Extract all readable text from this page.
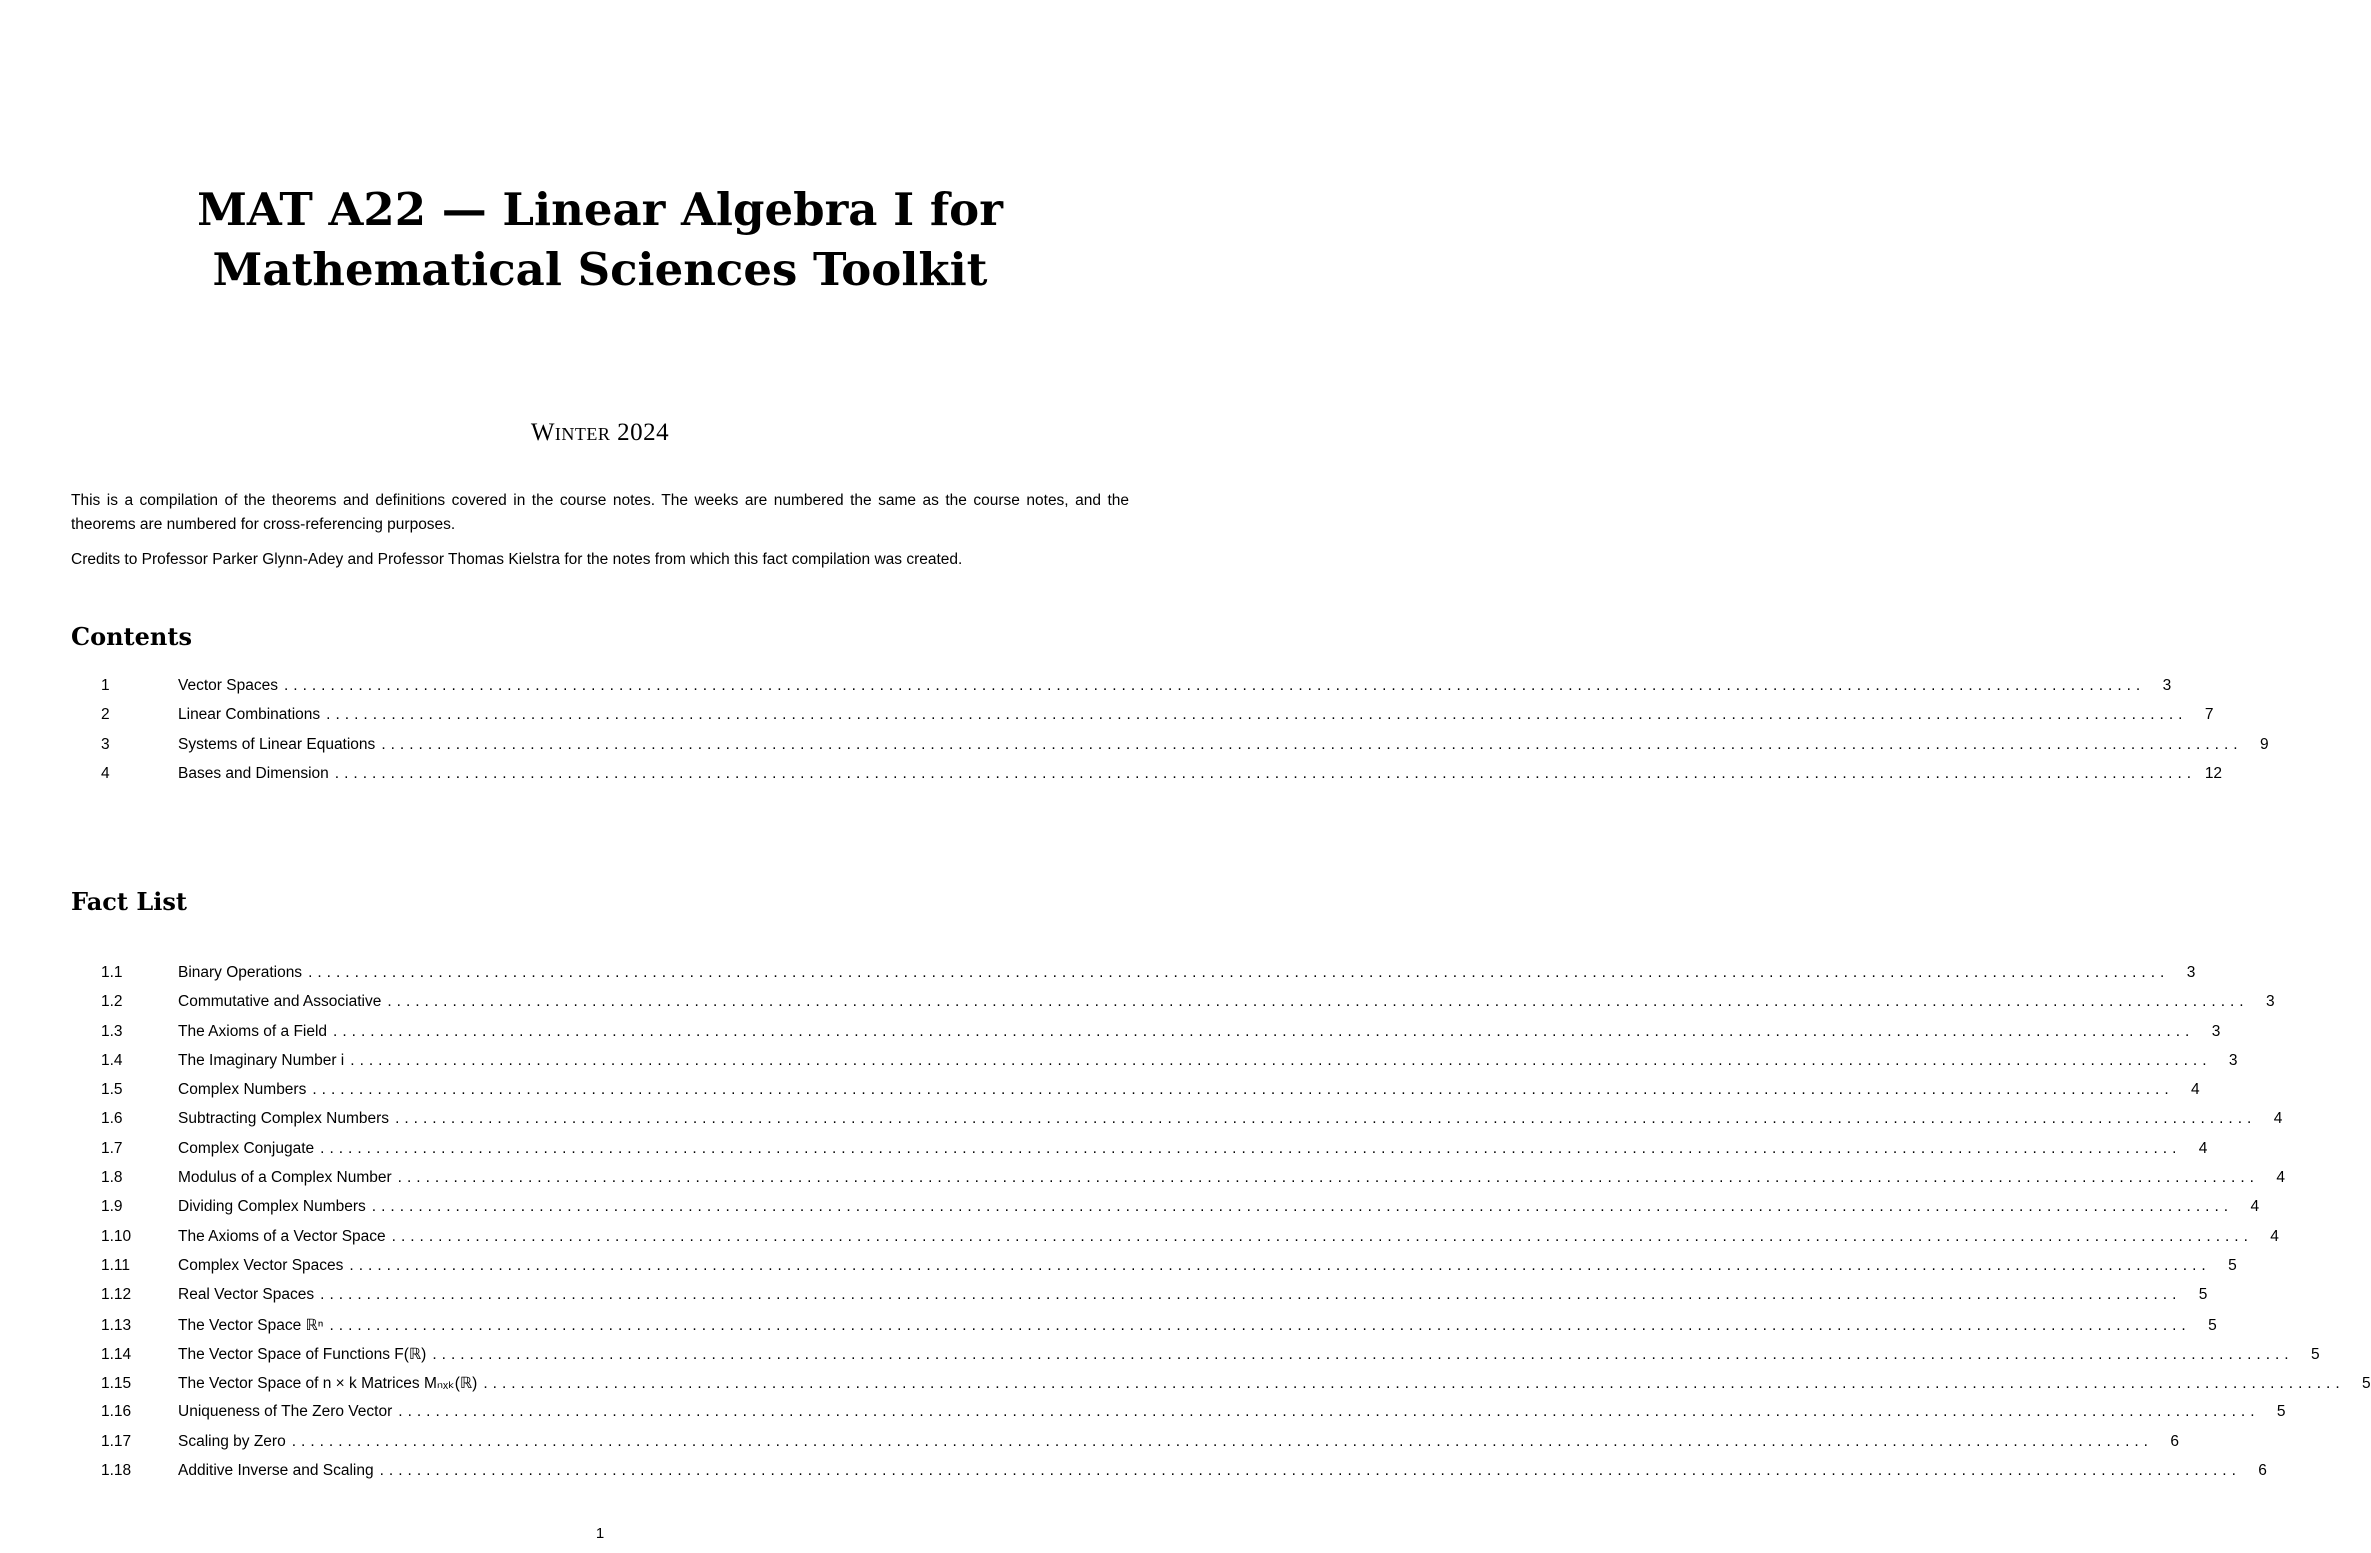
MAT A22 — Linear Algebra I for
Mathematical Sciences Toolkit
Winter 2024

This is a compilation of the theorems and definitions covered in the course notes. The weeks are numbered the same as the course notes, and the theorems are numbered for cross-referencing purposes.

Credits to Professor Parker Glynn-Adey and Professor Thomas Kielstra for the notes from which this fact compilation was created.

Contents
1	Vector Spaces ........................................................................................................................................................................................................	3
2	Linear Combinations ........................................................................................................................................................................................................	7
3	Systems of Linear Equations ........................................................................................................................................................................................................	9
4	Bases and Dimension ........................................................................................................................................................................................................ 12
Fact List
1.1	Binary Operations ........................................................................................................................................................................................................	3
1.2	Commutative and Associative ........................................................................................................................................................................................................	3
1.3	The Axioms of a Field ........................................................................................................................................................................................................	3
1.4	The Imaginary Number i ........................................................................................................................................................................................................	3
1.5	Complex Numbers ........................................................................................................................................................................................................	4
1.6	Subtracting Complex Numbers ........................................................................................................................................................................................................	4
1.7	Complex Conjugate ........................................................................................................................................................................................................	4
1.8	Modulus of a Complex Number ........................................................................................................................................................................................................	4
1.9	Dividing Complex Numbers ........................................................................................................................................................................................................	4
1.10	The Axioms of a Vector Space ........................................................................................................................................................................................................	4
1.11	Complex Vector Spaces ........................................................................................................................................................................................................	5
1.12	Real Vector Spaces ........................................................................................................................................................................................................	5
1.13	The Vector Space ℝⁿ ........................................................................................................................................................................................................	5
1.14	The Vector Space of Functions F(ℝ) ........................................................................................................................................................................................................	5
1.15	The Vector Space of n × k Matrices Mₙₓₖ(ℝ) ........................................................................................................................................................................................................	5
1.16	Uniqueness of The Zero Vector ........................................................................................................................................................................................................	5
1.17	Scaling by Zero ........................................................................................................................................................................................................	6
1.18	Additive Inverse and Scaling ........................................................................................................................................................................................................	6
1
